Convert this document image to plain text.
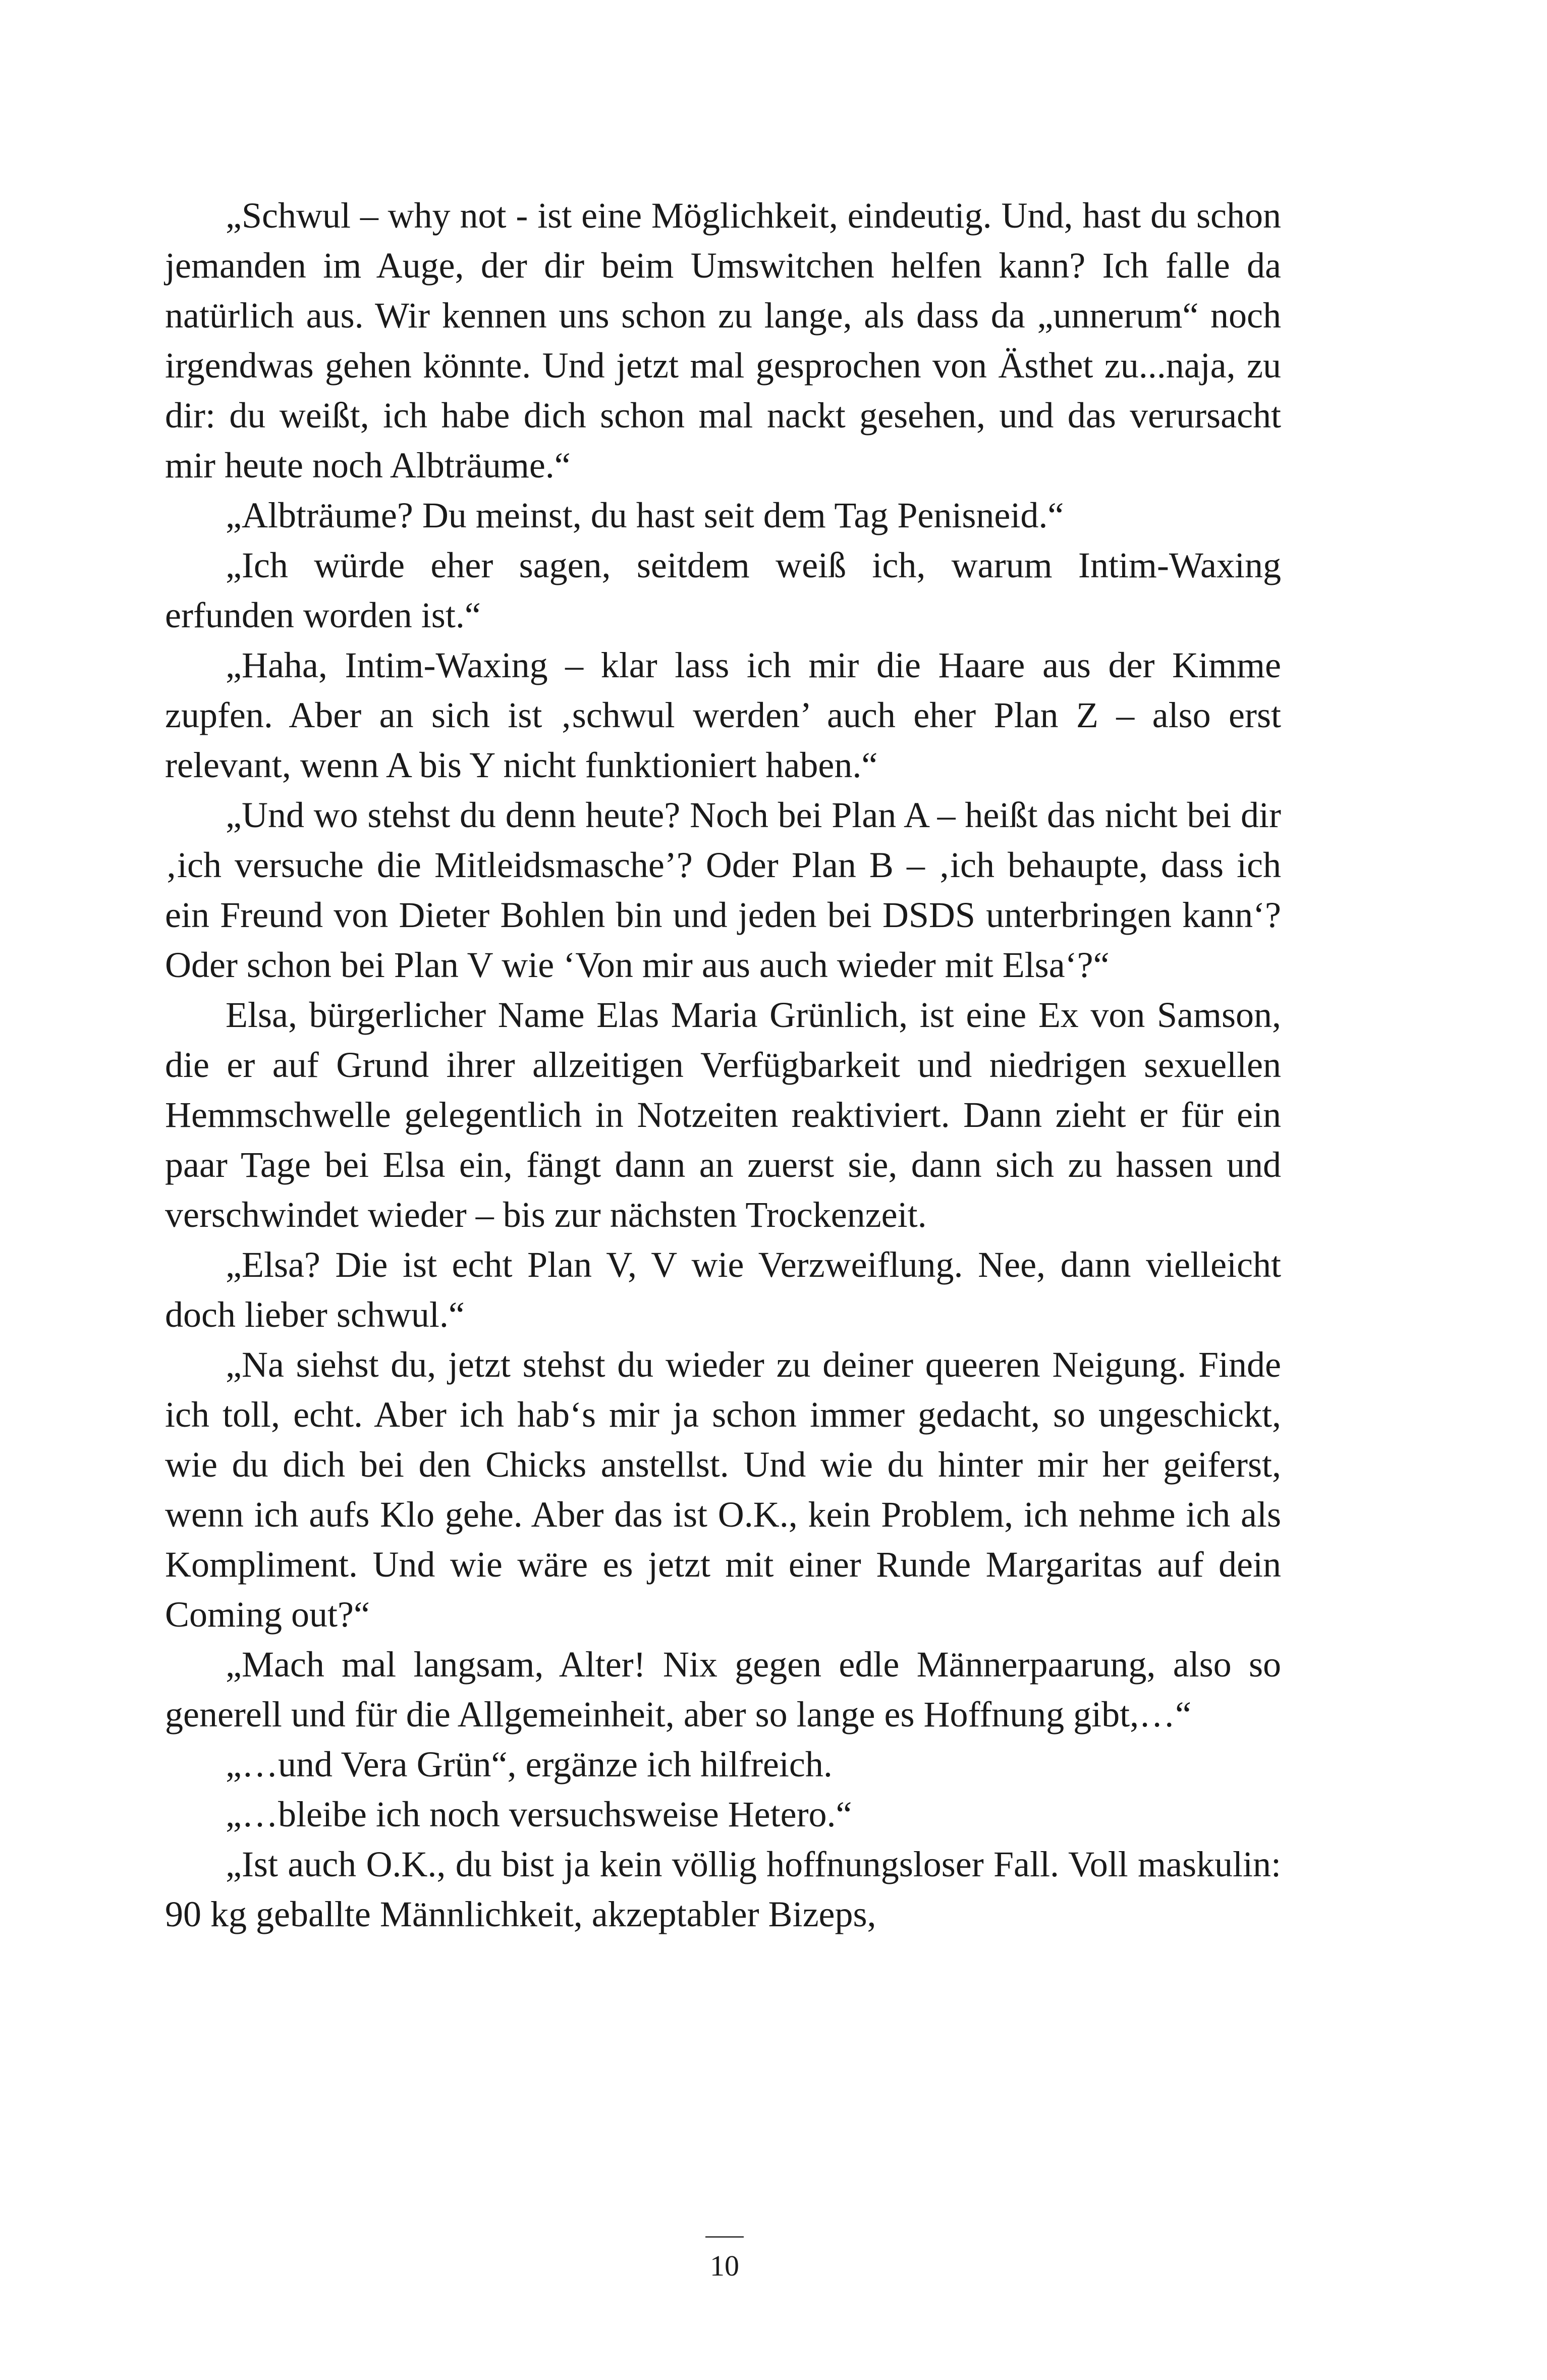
„Schwul – why not - ist eine Möglichkeit, eindeutig. Und, hast du schon jemanden im Auge, der dir beim Umswitchen helfen kann? Ich falle da natürlich aus. Wir kennen uns schon zu lange, als dass da „unnerum“ noch irgendwas gehen könnte. Und jetzt mal gesprochen von Ästhet zu...naja, zu dir: du weißt, ich habe dich schon mal nackt gesehen, und das verursacht mir heute noch Albträume.“

„Albträume? Du meinst, du hast seit dem Tag Penisneid.“

„Ich würde eher sagen, seitdem weiß ich, warum Intim-Waxing erfunden worden ist.“

„Haha, Intim-Waxing – klar lass ich mir die Haare aus der Kimme zupfen. Aber an sich ist ‚schwul werden’ auch eher Plan Z – also erst relevant, wenn A bis Y nicht funktioniert haben.“

„Und wo stehst du denn heute? Noch bei Plan A – heißt das nicht bei dir ‚ich versuche die Mitleidsmasche’? Oder Plan B – ‚ich behaupte, dass ich ein Freund von Dieter Bohlen bin und jeden bei DSDS unterbringen kann‘? Oder schon bei Plan V wie ‘Von mir aus auch wieder mit Elsa‘?“

Elsa, bürgerlicher Name Elas Maria Grünlich, ist eine Ex von Samson, die er auf Grund ihrer allzeitigen Verfügbarkeit und niedrigen sexuellen Hemmschwelle gelegentlich in Notzeiten reaktiviert. Dann zieht er für ein paar Tage bei Elsa ein, fängt dann an zuerst sie, dann sich zu hassen und verschwindet wieder – bis zur nächsten Trockenzeit.

„Elsa? Die ist echt Plan V, V wie Verzweiflung. Nee, dann vielleicht doch lieber schwul.“

„Na siehst du, jetzt stehst du wieder zu deiner queeren Neigung. Finde ich toll, echt. Aber ich hab‘s mir ja schon immer gedacht, so ungeschickt, wie du dich bei den Chicks anstellst. Und wie du hinter mir her geiferst, wenn ich aufs Klo gehe. Aber das ist O.K., kein Problem, ich nehme ich als Kompliment. Und wie wäre es jetzt mit einer Runde Margaritas auf dein Coming out?“

„Mach mal langsam, Alter! Nix gegen edle Männerpaarung, also so generell und für die Allgemeinheit, aber so lange es Hoffnung gibt,…“

„…und Vera Grün“, ergänze ich hilfreich.

„…bleibe ich noch versuchsweise Hetero.“

„Ist auch O.K., du bist ja kein völlig hoffnungsloser Fall. Voll maskulin: 90 kg geballte Männlichkeit, akzeptabler Bizeps,

10
